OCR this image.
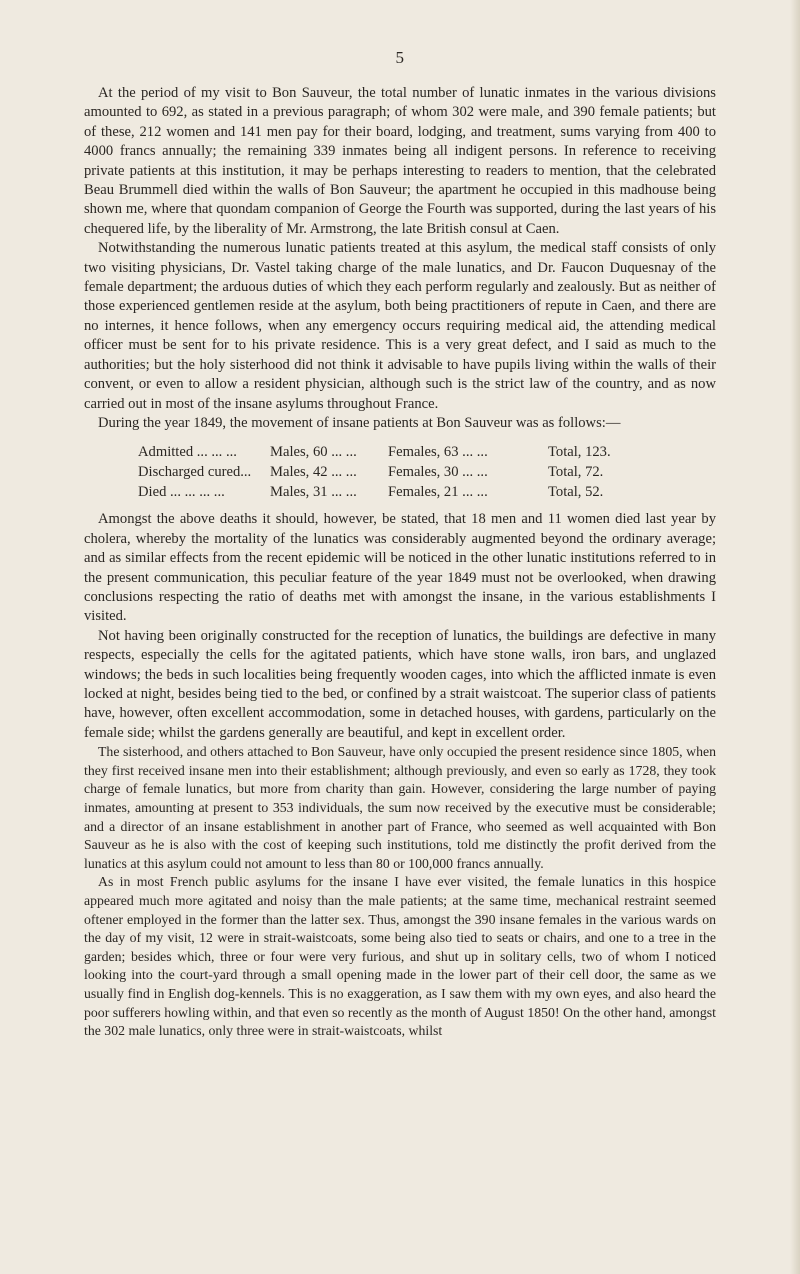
5

At the period of my visit to Bon Sauveur, the total number of lunatic inmates in the various divisions amounted to 692, as stated in a previous paragraph; of whom 302 were male, and 390 female patients; but of these, 212 women and 141 men pay for their board, lodging, and treatment, sums varying from 400 to 4000 francs annually; the remaining 339 inmates being all indigent persons. In reference to receiving private patients at this institution, it may be perhaps interesting to readers to mention, that the celebrated Beau Brummell died within the walls of Bon Sauveur; the apartment he occupied in this madhouse being shown me, where that quondam companion of George the Fourth was supported, during the last years of his chequered life, by the liberality of Mr. Armstrong, the late British consul at Caen.

Notwithstanding the numerous lunatic patients treated at this asylum, the medical staff consists of only two visiting physicians, Dr. Vastel taking charge of the male lunatics, and Dr. Faucon Duquesnay of the female department; the arduous duties of which they each perform regularly and zealously. But as neither of those experienced gentlemen reside at the asylum, both being practitioners of repute in Caen, and there are no internes, it hence follows, when any emergency occurs requiring medical aid, the attending medical officer must be sent for to his private residence. This is a very great defect, and I said as much to the authorities; but the holy sisterhood did not think it advisable to have pupils living within the walls of their convent, or even to allow a resident physician, although such is the strict law of the country, and as now carried out in most of the insane asylums throughout France.

During the year 1849, the movement of insane patients at Bon Sauveur was as follows:—

Admitted ... ... ...	Males, 60 ... ...	Females, 63 ... ...	Total, 123.
Discharged cured...	Males, 42 ... ...	Females, 30 ... ...	Total, 72.
Died ... ... ... ...	Males, 31 ... ...	Females, 21 ... ...	Total, 52.

Amongst the above deaths it should, however, be stated, that 18 men and 11 women died last year by cholera, whereby the mortality of the lunatics was considerably augmented beyond the ordinary average; and as similar effects from the recent epidemic will be noticed in the other lunatic institutions referred to in the present communication, this peculiar feature of the year 1849 must not be overlooked, when drawing conclusions respecting the ratio of deaths met with amongst the insane, in the various establishments I visited.

Not having been originally constructed for the reception of lunatics, the buildings are defective in many respects, especially the cells for the agitated patients, which have stone walls, iron bars, and unglazed windows; the beds in such localities being frequently wooden cages, into which the afflicted inmate is even locked at night, besides being tied to the bed, or confined by a strait waistcoat. The superior class of patients have, however, often excellent accommodation, some in detached houses, with gardens, particularly on the female side; whilst the gardens generally are beautiful, and kept in excellent order.

The sisterhood, and others attached to Bon Sauveur, have only occupied the present residence since 1805, when they first received insane men into their establishment; although previously, and even so early as 1728, they took charge of female lunatics, but more from charity than gain. However, considering the large number of paying inmates, amounting at present to 353 individuals, the sum now received by the executive must be considerable; and a director of an insane establishment in another part of France, who seemed as well acquainted with Bon Sauveur as he is also with the cost of keeping such institutions, told me distinctly the profit derived from the lunatics at this asylum could not amount to less than 80 or 100,000 francs annually.

As in most French public asylums for the insane I have ever visited, the female lunatics in this hospice appeared much more agitated and noisy than the male patients; at the same time, mechanical restraint seemed oftener employed in the former than the latter sex. Thus, amongst the 390 insane females in the various wards on the day of my visit, 12 were in strait-waistcoats, some being also tied to seats or chairs, and one to a tree in the garden; besides which, three or four were very furious, and shut up in solitary cells, two of whom I noticed looking into the court-yard through a small opening made in the lower part of their cell door, the same as we usually find in English dog-kennels. This is no exaggeration, as I saw them with my own eyes, and also heard the poor sufferers howling within, and that even so recently as the month of August 1850! On the other hand, amongst the 302 male lunatics, only three were in strait-waistcoats, whilst
